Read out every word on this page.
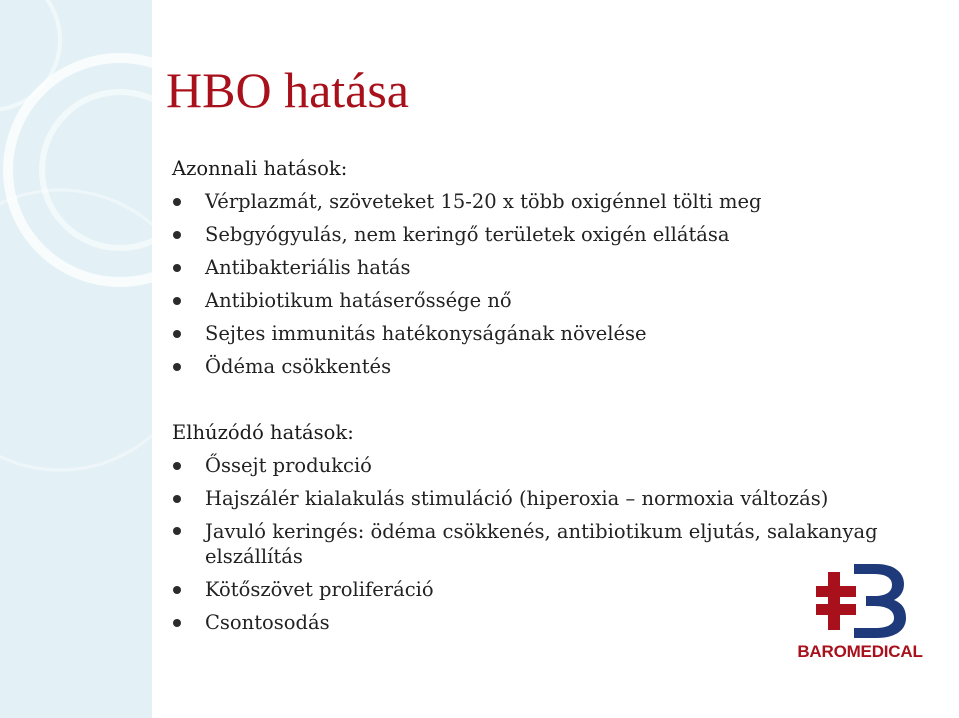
HBO hatása
Azonnali hatások:
Vérplazmát, szöveteket 15-20 x több oxigénnel tölti meg
Sebgyógyulás, nem keringő területek oxigén ellátása
Antibakteriális hatás
Antibiotikum hatáserőssége nő
Sejtes immunitás hatékonyságának növelése
Ödéma csökkentés
Elhúzódó hatások:
Őssejt produkció
Hajszálér kialakulás stimuláció (hiperoxia – normoxia változás)
Javuló keringés: ödéma csökkenés, antibiotikum eljutás, salakanyag elszállítás
Kötőszövet proliferáció
Csontosodás
BAROMEDICAL
